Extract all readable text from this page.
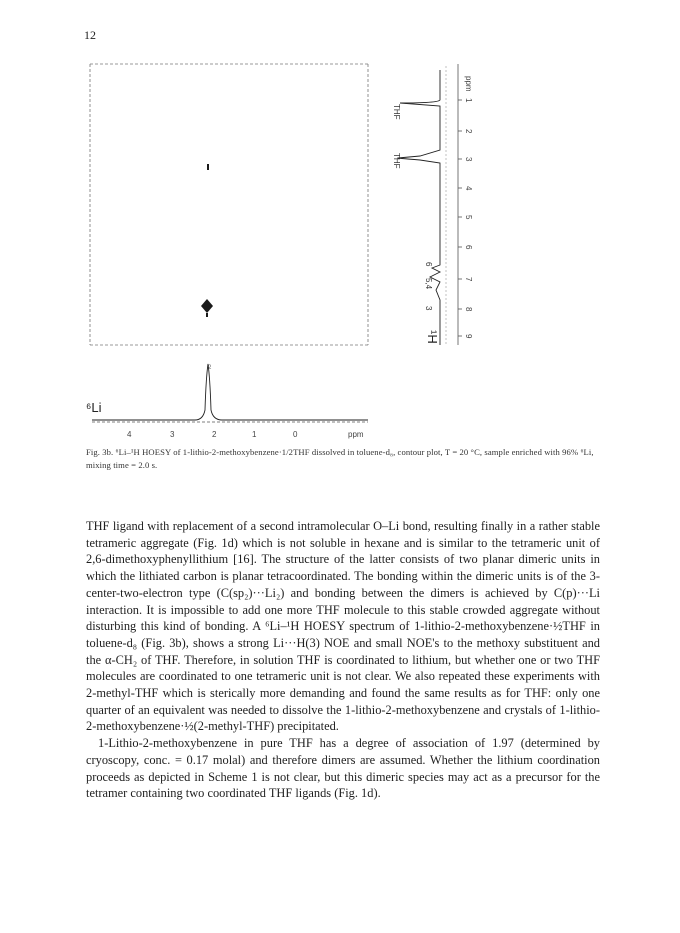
12
ppm
1
2
3
4
5
6
7
8
9
THF
THF
6
5,4
3
¹H
2
⁶Li
4	3	2	1	0	ppm
Fig. 3b. ⁶Li–¹H HOESY of 1-lithio-2-methoxybenzene·1/2THF dissolved in toluene-d₈, contour plot, T = 20 °C, sample enriched with 96% ⁶Li, mixing time = 2.0 s.

THF ligand with replacement of a second intramolecular O–Li bond, resulting finally in a rather stable tetrameric aggregate (Fig. 1d) which is not soluble in hexane and is similar to the tetrameric unit of 2,6-dimethoxyphenyllithium [16]. The structure of the latter consists of two planar dimeric units in which the lithiated carbon is planar tetracoordinated. The bonding within the dimeric units is of the 3-center-two-electron type (C(sp₂)···Li₂) and bonding between the dimers is achieved by C(p)···Li interaction. It is impossible to add one more THF molecule to this stable crowded aggregate without disturbing this kind of bonding. A ⁶Li–¹H HOESY spectrum of 1-lithio-2-methoxybenzene·½THF in toluene-d₈ (Fig. 3b), shows a strong Li···H(3) NOE and small NOE's to the methoxy substituent and the α-CH₂ of THF. Therefore, in solution THF is coordinated to lithium, but whether one or two THF molecules are coordinated to one tetrameric unit is not clear. We also repeated these experiments with 2-methyl-THF which is sterically more demanding and found the same results as for THF: only one quarter of an equivalent was needed to dissolve the 1-lithio-2-methoxybenzene and crystals of 1-lithio-2-methoxybenzene·½(2-methyl-THF) precipitated.

1-Lithio-2-methoxybenzene in pure THF has a degree of association of 1.97 (determined by cryoscopy, conc. = 0.17 molal) and therefore dimers are assumed. Whether the lithium coordination proceeds as depicted in Scheme 1 is not clear, but this dimeric species may act as a precursor for the tetramer containing two coordinated THF ligands (Fig. 1d).
